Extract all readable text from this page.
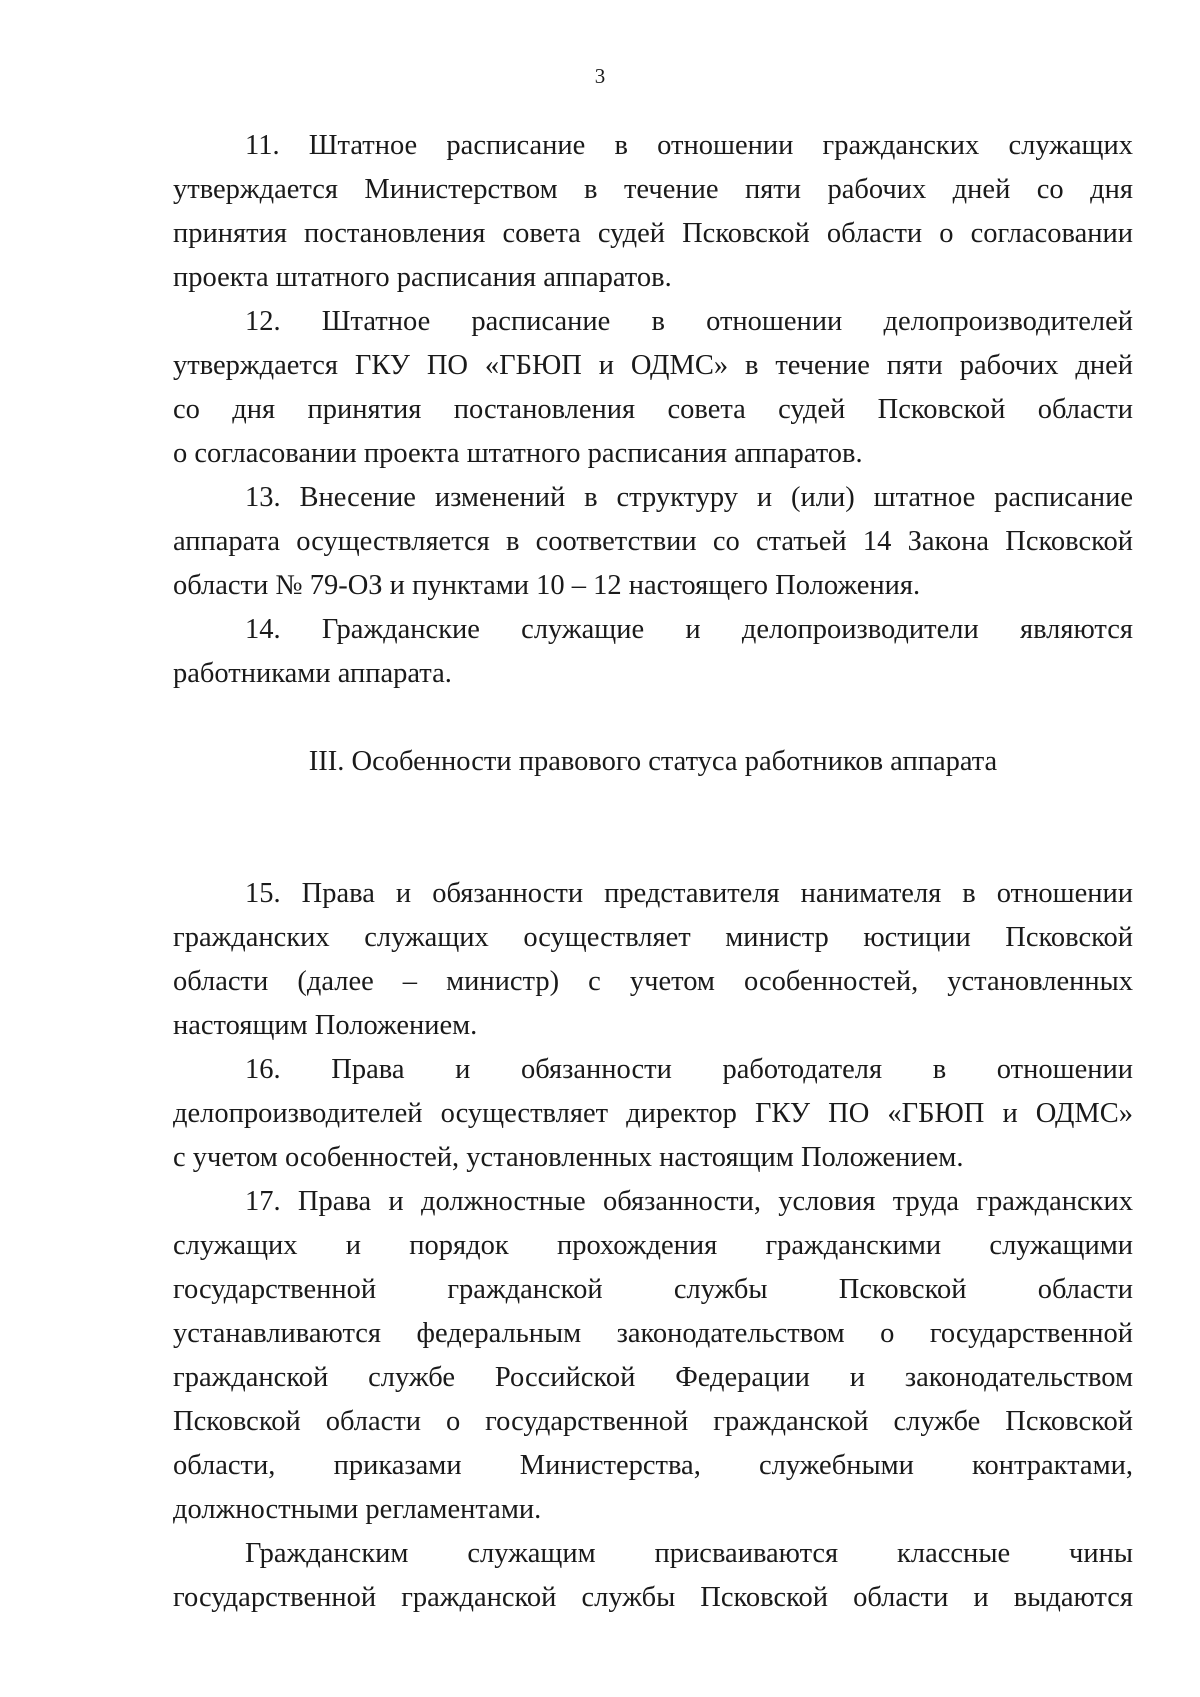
3
11. Штатное расписание в отношении гражданских служащих
утверждается Министерством в течение пяти рабочих дней со дня
принятия постановления совета судей Псковской области о согласовании
проекта штатного расписания аппаратов.
12. Штатное расписание в отношении делопроизводителей
утверждается ГКУ ПО «ГБЮП и ОДМС» в течение пяти рабочих дней
со дня принятия постановления совета судей Псковской области
о согласовании проекта штатного расписания аппаратов.
13. Внесение изменений в структуру и (или) штатное расписание
аппарата осуществляется в соответствии со статьей 14 Закона Псковской
области № 79-ОЗ и пунктами 10 – 12 настоящего Положения.
14. Гражданские служащие и делопроизводители являются
работниками аппарата.
III. Особенности правового статуса работников аппарата
15. Права и обязанности представителя нанимателя в отношении
гражданских служащих осуществляет министр юстиции Псковской
области (далее – министр) с учетом особенностей, установленных
настоящим Положением.
16. Права и обязанности работодателя в отношении
делопроизводителей осуществляет директор ГКУ ПО «ГБЮП и ОДМС»
с учетом особенностей, установленных настоящим Положением.
17. Права и должностные обязанности, условия труда гражданских
служащих и порядок прохождения гражданскими служащими
государственной гражданской службы Псковской области
устанавливаются федеральным законодательством о государственной
гражданской службе Российской Федерации и законодательством
Псковской области о государственной гражданской службе Псковской
области, приказами Министерства, служебными контрактами,
должностными регламентами.
Гражданским служащим присваиваются классные чины
государственной гражданской службы Псковской области и выдаются
